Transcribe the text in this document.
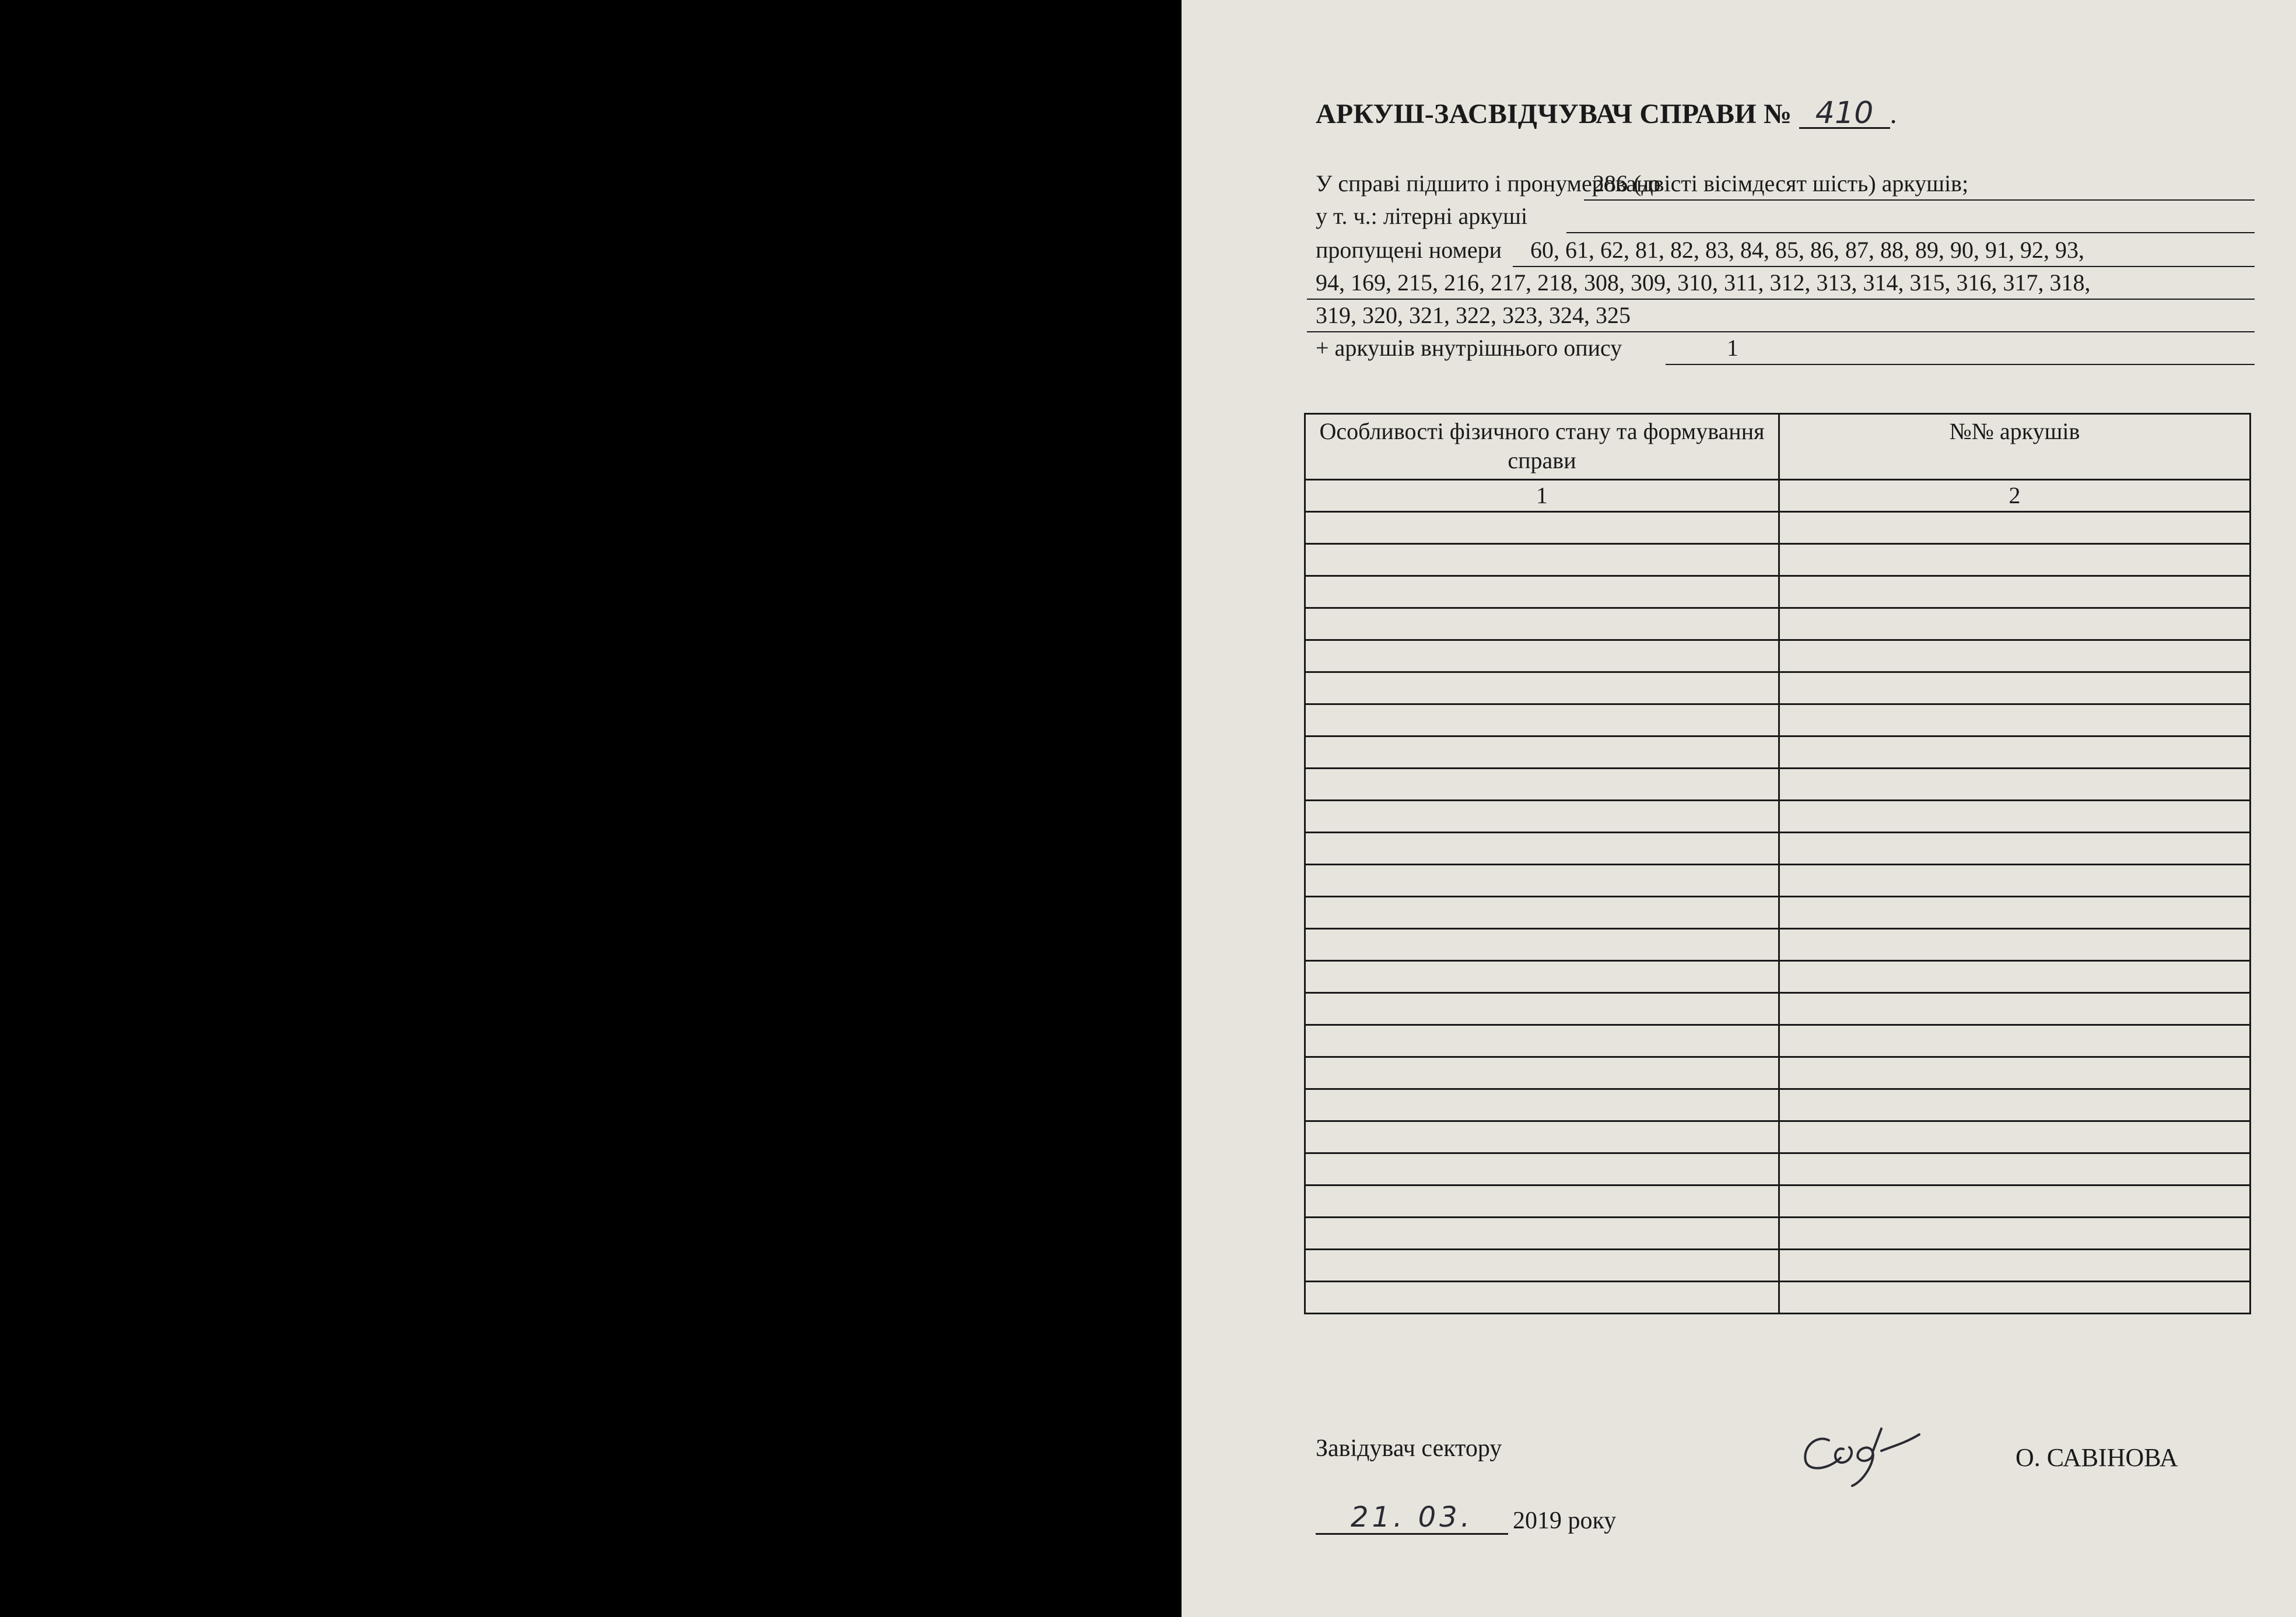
АРКУШ-ЗАСВІДЧУВАЧ СПРАВИ № 410 .
У справі підшито і пронумеровано
286 (двісті вісімдесят шість) аркушів;
у т. ч.: літерні аркуші
пропущені номери 60, 61, 62, 81, 82, 83, 84, 85, 86, 87, 88, 89, 90, 91, 92, 93,
94, 169, 215, 216, 217, 218, 308, 309, 310, 311, 312, 313, 314, 315, 316, 317, 318,
319, 320, 321, 322, 323, 324, 325
+ аркушів внутрішнього опису	1
Особливості фізичного стану та формування справи	№№ аркушів
1	2

Завідувач сектору	О. САВІНОВА
21. 03.	2019 року
